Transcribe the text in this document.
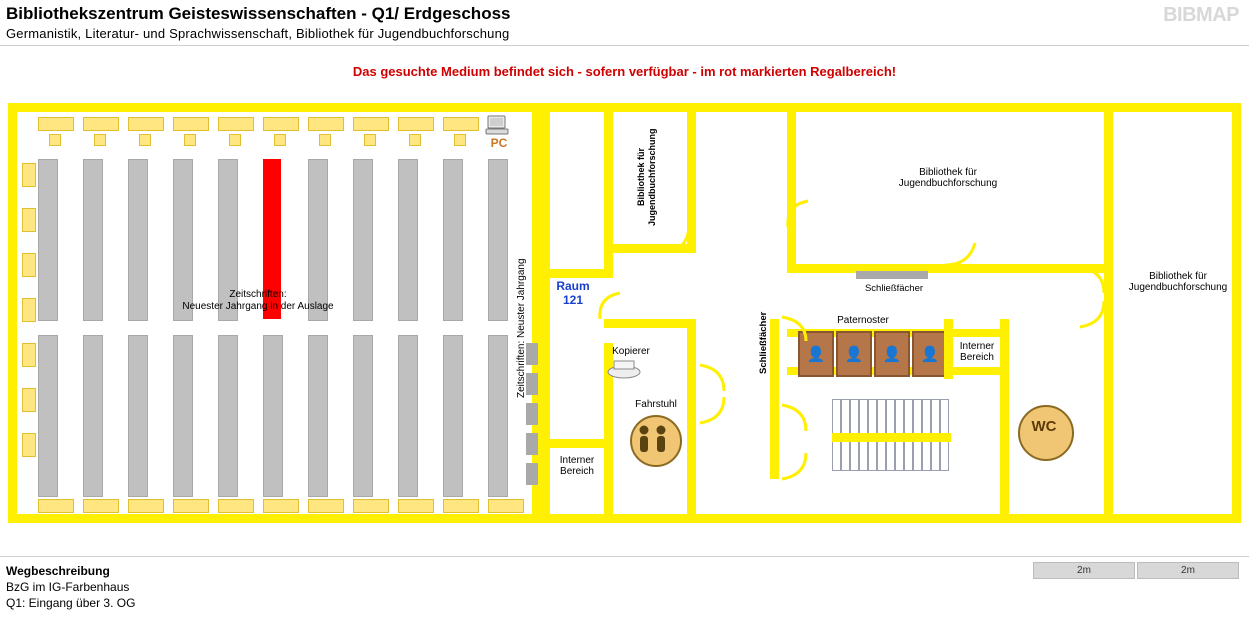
Bibliothekszentrum Geisteswissenschaften - Q1/ Erdgeschoss
Germanistik, Literatur- und Sprachwissenschaft, Bibliothek für Jugendbuchforschung
BIBMAP
Das gesuchte Medium befindet sich - sofern verfügbar - im rot markierten Regalbereich!
PC
Zeitschriften: Neuster Jahrgang
Zeitschriften:
Neuester Jahrgang in der Auslage
Raum
121
Bibliothek für Jugendbuchforschung	Bibliothek für
Jugendbuchforschung
Schließfächer
Bibliothek für
Jugendbuchforschung
Kopierer
Fahrstuhl
Interner
Bereich
Schließfächer	Paternoster
👤 👤 👤 👤	Interner
Bereich
WC
Wegbeschreibung
BzG im IG-Farbenhaus
Q1: Eingang über 3. OG
2m	2m
